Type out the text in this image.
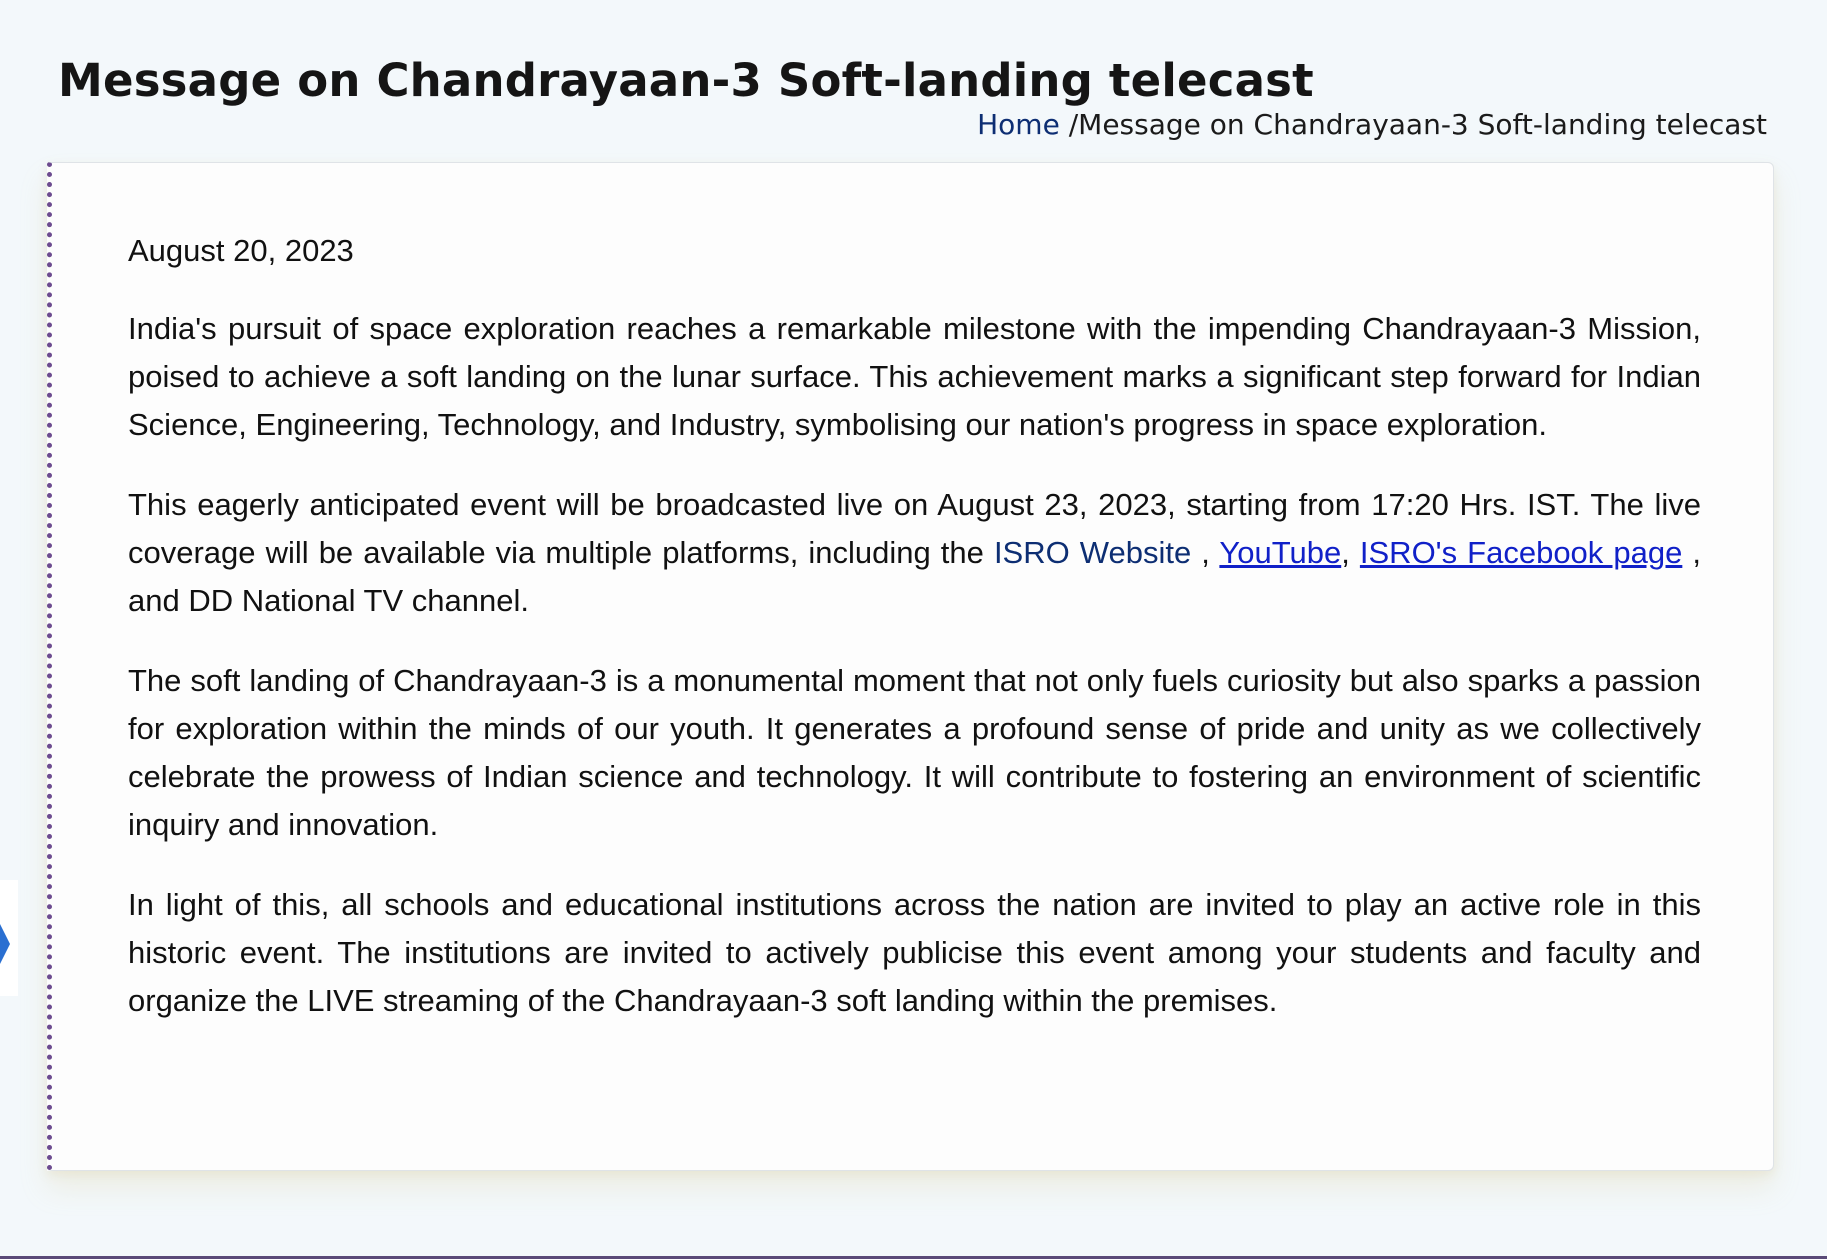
Message on Chandrayaan-3 Soft-landing telecast
Home /Message on Chandrayaan-3 Soft-landing telecast
August 20, 2023

India's pursuit of space exploration reaches a remarkable milestone with the impending Chandrayaan-3 Mission, poised to achieve a soft landing on the lunar surface. This achievement marks a significant step forward for Indian Science, Engineering, Technology, and Industry, symbolising our nation's progress in space exploration.

This eagerly anticipated event will be broadcasted live on August 23, 2023, starting from 17:20 Hrs. IST. The live coverage will be available via multiple platforms, including the ISRO Website , YouTube, ISRO's Facebook page , and DD National TV channel.

The soft landing of Chandrayaan-3 is a monumental moment that not only fuels curiosity but also sparks a passion for exploration within the minds of our youth. It generates a profound sense of pride and unity as we collectively celebrate the prowess of Indian science and technology. It will contribute to fostering an environment of scientific inquiry and innovation.

In light of this, all schools and educational institutions across the nation are invited to play an active role in this historic event. The institutions are invited to actively publicise this event among your students and faculty and organize the LIVE streaming of the Chandrayaan-3 soft landing within the premises.
